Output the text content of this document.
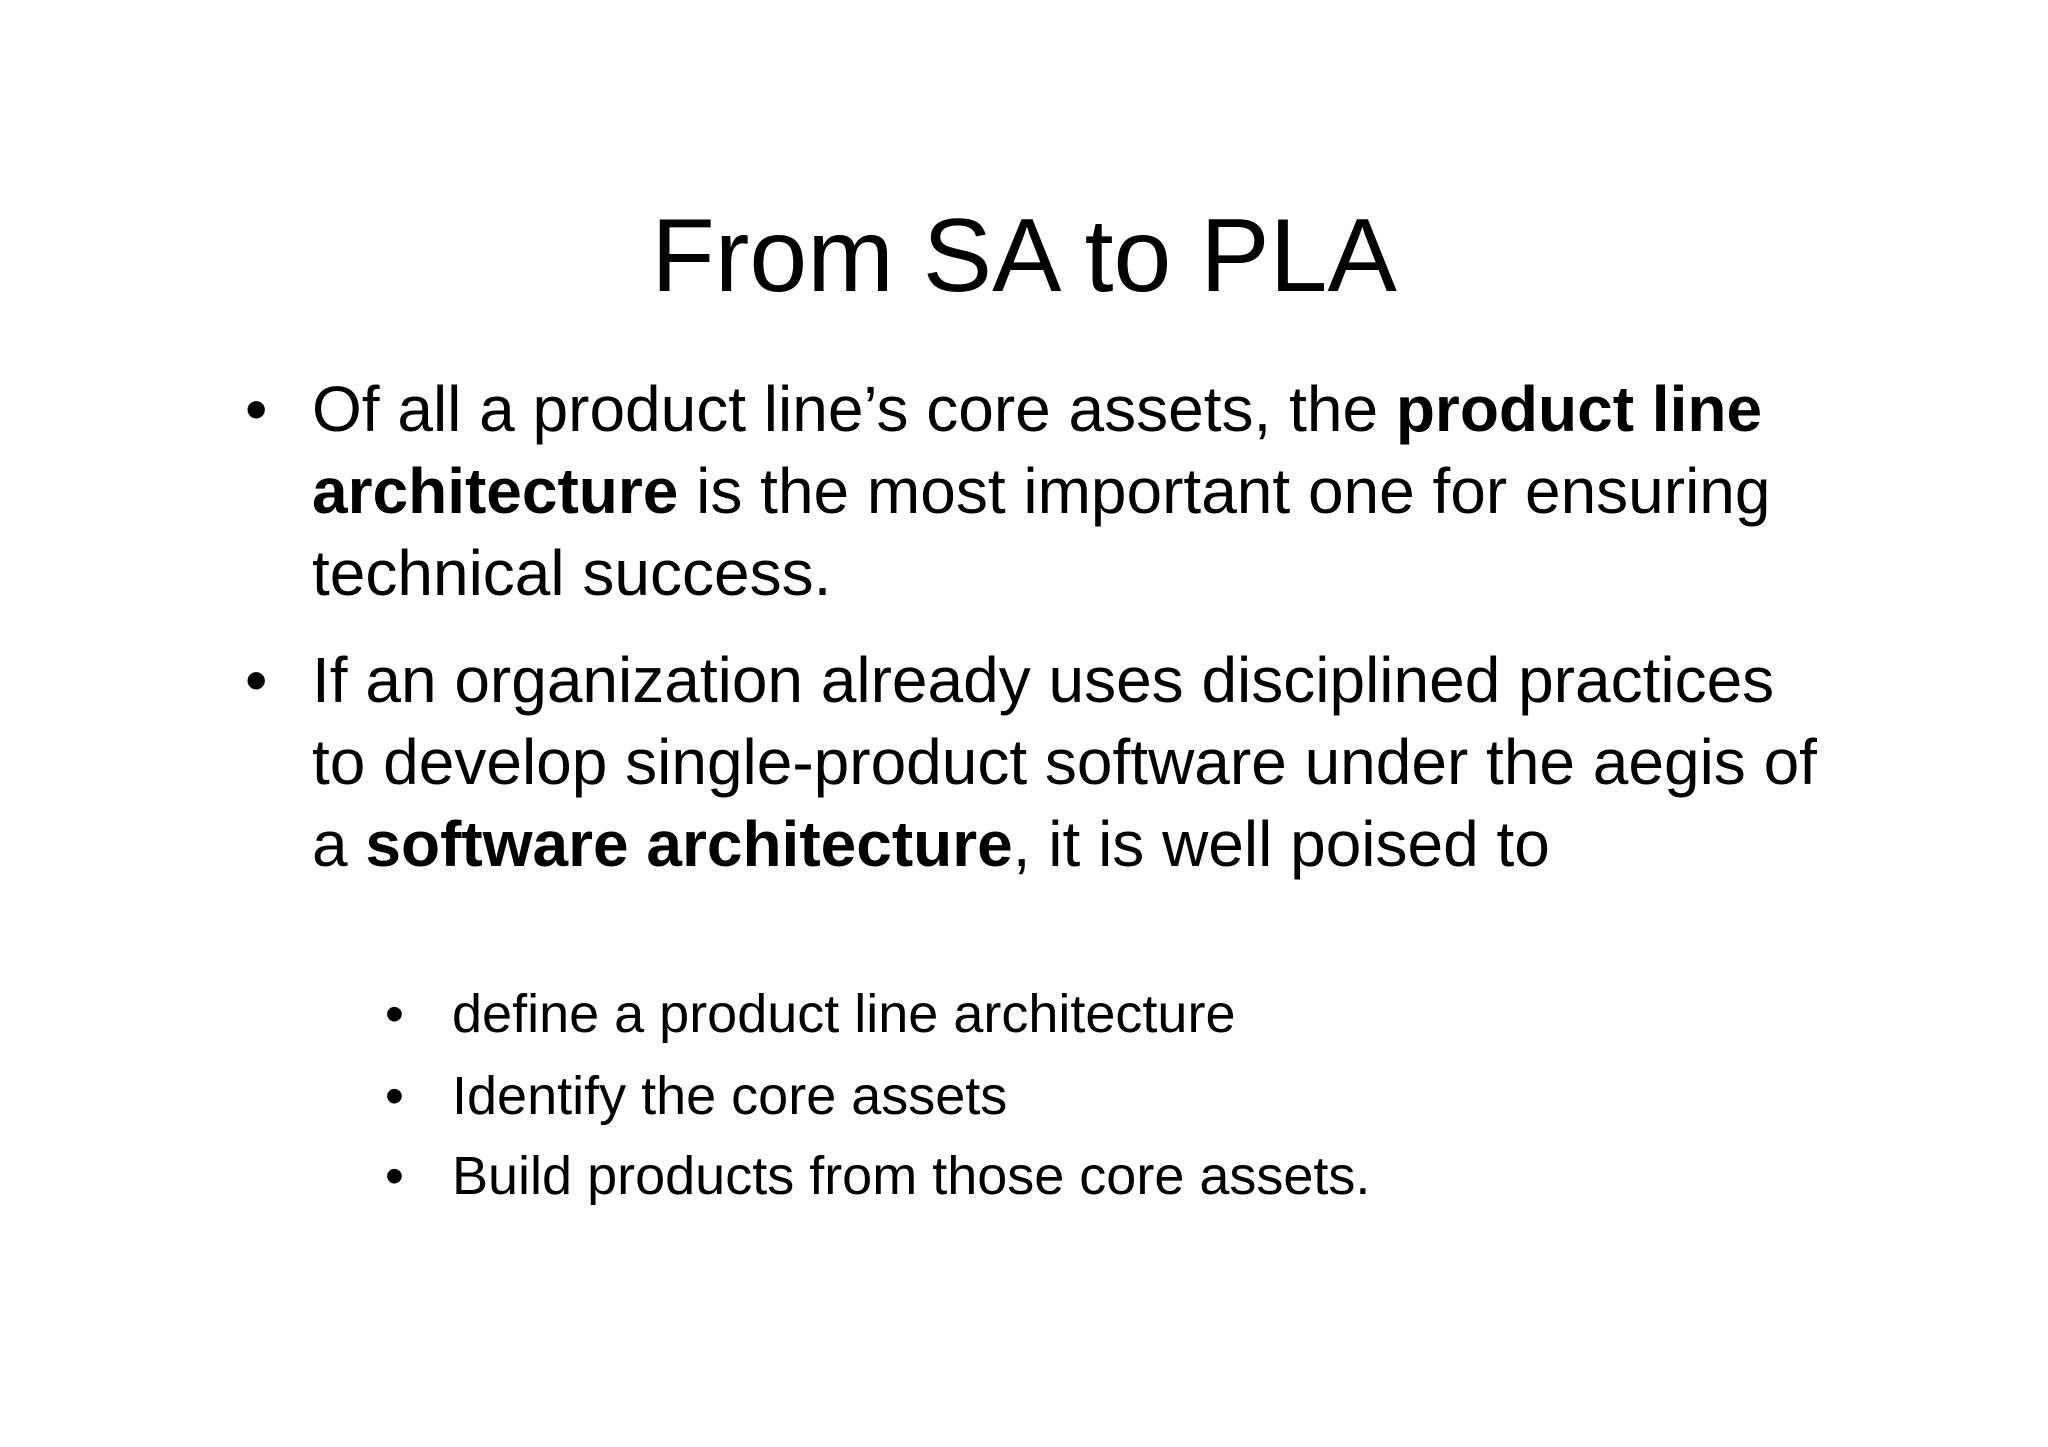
From SA to PLA
• Of all a product line’s core assets, the product line architecture is the most important one for ensuring technical success.

• If an organization already uses disciplined practices to develop single-product software under the aegis of a software architecture, it is well poised to

• define a product line architecture

• Identify the core assets

• Build products from those core assets.
